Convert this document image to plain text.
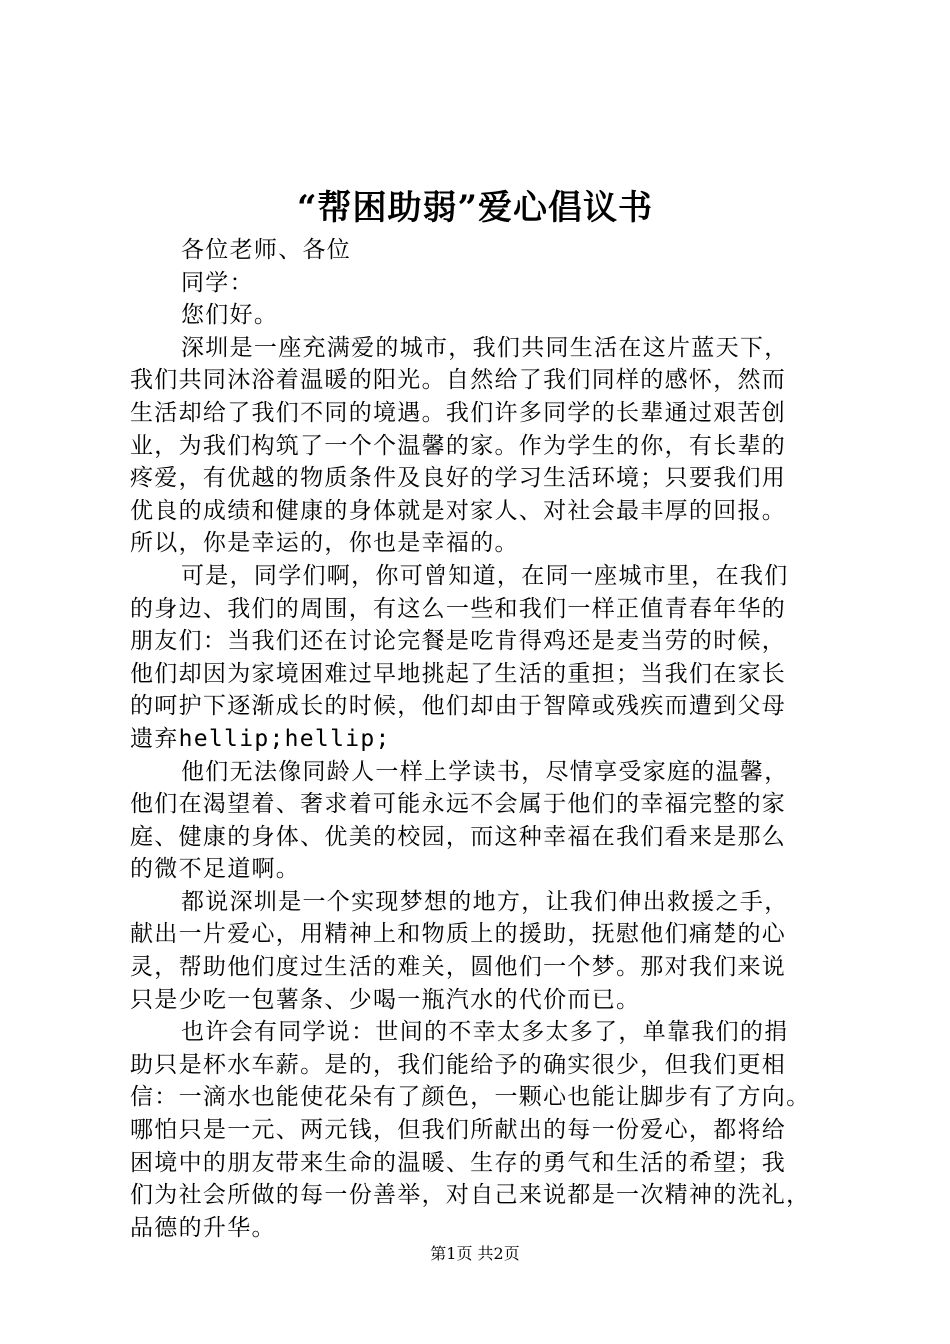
“帮困助弱”爱心倡议书
各位老师、各位
同学：
您们好。
深圳是一座充满爱的城市，我们共同生活在这片蓝天下，
我们共同沐浴着温暖的阳光。自然给了我们同样的感怀，然而
生活却给了我们不同的境遇。我们许多同学的长辈通过艰苦创
业，为我们构筑了一个个温馨的家。作为学生的你，有长辈的
疼爱，有优越的物质条件及良好的学习生活环境；只要我们用
优良的成绩和健康的身体就是对家人、对社会最丰厚的回报。
所以，你是幸运的，你也是幸福的。
可是，同学们啊，你可曾知道，在同一座城市里，在我们
的身边、我们的周围，有这么一些和我们一样正值青春年华的
朋友们：当我们还在讨论完餐是吃肯得鸡还是麦当劳的时候，
他们却因为家境困难过早地挑起了生活的重担；当我们在家长
的呵护下逐渐成长的时候，他们却由于智障或残疾而遭到父母
遗弃hellip;hellip;
他们无法像同龄人一样上学读书，尽情享受家庭的温馨，
他们在渴望着、奢求着可能永远不会属于他们的幸福完整的家
庭、健康的身体、优美的校园，而这种幸福在我们看来是那么
的微不足道啊。
都说深圳是一个实现梦想的地方，让我们伸出救援之手，
献出一片爱心，用精神上和物质上的援助，抚慰他们痛楚的心
灵，帮助他们度过生活的难关，圆他们一个梦。那对我们来说
只是少吃一包薯条、少喝一瓶汽水的代价而已。
也许会有同学说：世间的不幸太多太多了，单靠我们的捐
助只是杯水车薪。是的，我们能给予的确实很少，但我们更相
信：一滴水也能使花朵有了颜色，一颗心也能让脚步有了方向。
哪怕只是一元、两元钱，但我们所献出的每一份爱心，都将给
困境中的朋友带来生命的温暖、生存的勇气和生活的希望；我
们为社会所做的每一份善举，对自己来说都是一次精神的洗礼，
品德的升华。
第1页 共2页
